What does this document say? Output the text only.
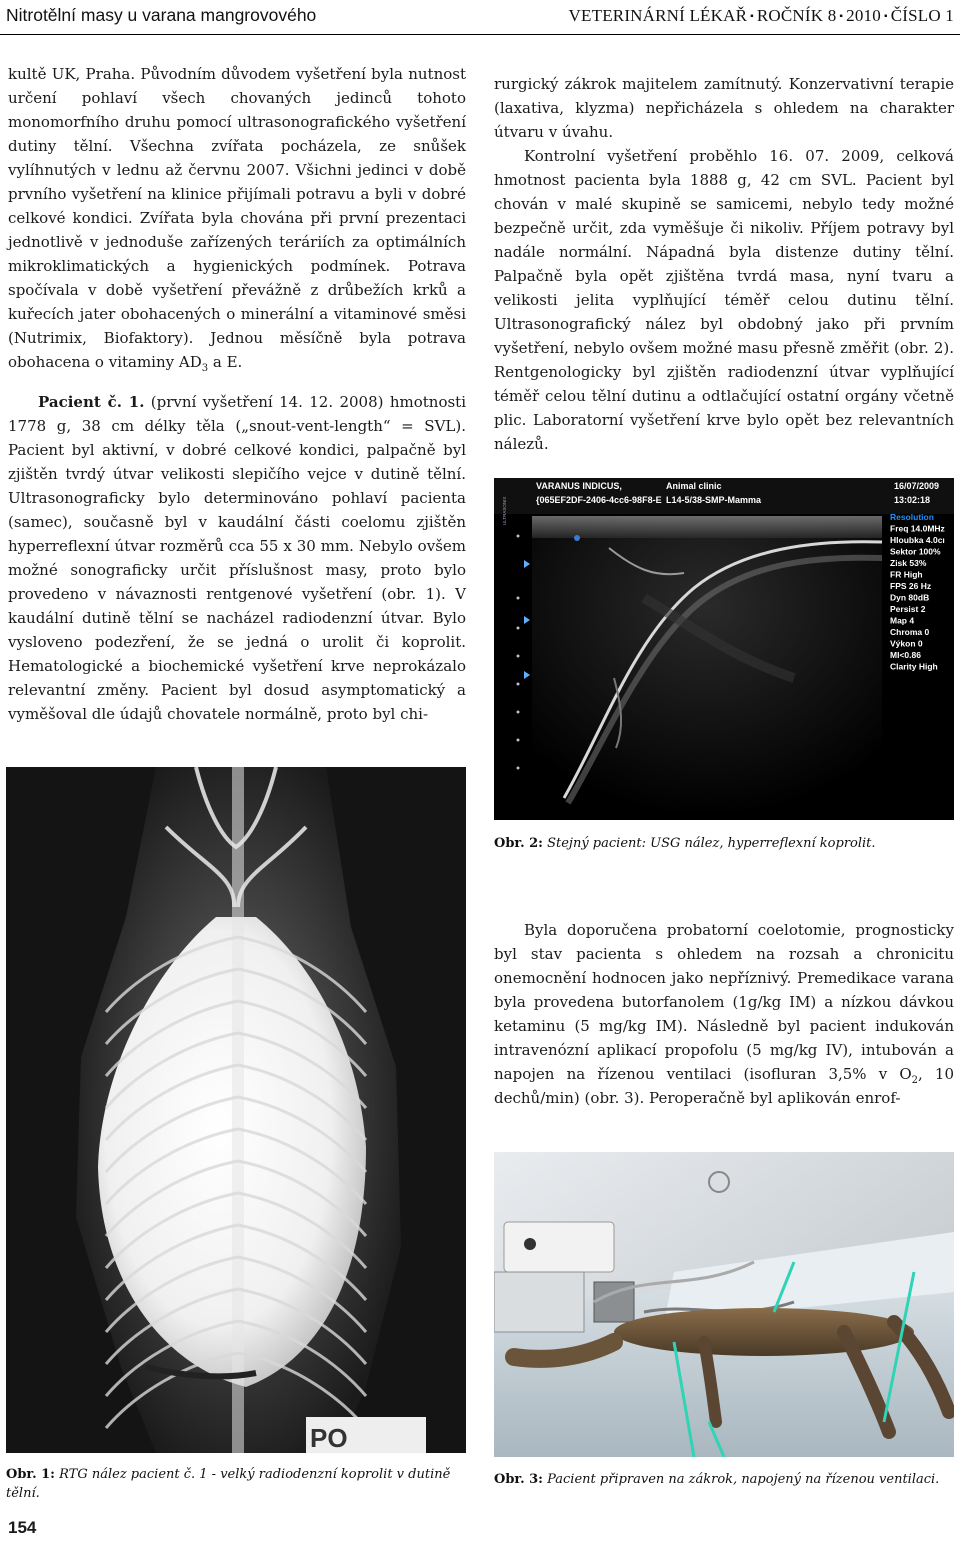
Nitrotělní masy u varana mangrovového	VETERINÁRNÍ LÉKAŘ ▪ ROČNÍK 8 ▪ 2010 ▪ ČÍSLO 1

kultě UK, Praha. Původním důvodem vyšetření byla nutnost určení pohlaví všech chovaných jedinců tohoto monomorfního druhu pomocí ultrasonografického vyšetření dutiny tělní. Všechna zvířata pocházela, ze snůšek vylíhnutých v lednu až červnu 2007. Všichni jedinci v době prvního vyšetření na klinice přijímali potravu a byli v dobré celkové kondici. Zvířata byla chována při první prezentaci jednotlivě v jednoduše zařízených teráriích za optimálních mikroklimatických a hygienických podmínek. Potrava spočívala v době vyšetření převážně z drůbežích krků a kuřecích jater obohacených o minerální a vitaminové směsi (Nutrimix, Biofaktory). Jednou měsíčně byla potrava obohacena o vitaminy $AD_3$ a E.

Pacient č. 1. (první vyšetření 14. 12. 2008) hmotnosti 1778 g, 38 cm délky těla („snout-vent-length“ = SVL). Pacient byl aktivní, v dobré celkové kondici, palpačně byl zjištěn tvrdý útvar velikosti slepičího vejce v dutině tělní. Ultrasonograficky bylo determinováno pohlaví pacienta (samec), současně byl v kaudální části coelomu zjištěn hyperreflexní útvar rozměrů cca 55 x 30 mm. Nebylo ovšem možné sonograficky určit příslušnost masy, proto bylo provedeno v návaznosti rentgenové vyšetření (obr. 1). V kaudální dutině tělní se nacházel radiodenzní útvar. Bylo vysloveno podezření, že se jedná o urolit či koprolit. Hematologické a biochemické vyšetření krve neprokázalo relevantní změny. Pacient byl dosud asymptomatický a vyměšoval dle údajů chovatele normálně, proto byl chi-

rurgický zákrok majitelem zamítnutý. Konzervativní terapie (laxativa, klyzma) nepřicházela s ohledem na charakter útvaru v úvahu.

Kontrolní vyšetření proběhlo 16. 07. 2009, celková hmotnost pacienta byla 1888 g, 42 cm SVL. Pacient byl chován v malé skupině se samicemi, nebylo tedy možné bezpečně určit, zda vyměšuje či nikoliv. Příjem potravy byl nadále normální. Nápadná byla distenze dutiny tělní. Palpačně byla opět zjištěna tvrdá masa, nyní tvaru a velikosti jelita vyplňující téměř celou dutinu tělní. Ultrasonografický nález byl obdobný jako při prvním vyšetření, nebylo ovšem možné masu přesně změřit (obr. 2). Rentgenologicky byl zjištěn radiodenzní útvar vyplňující téměř celou tělní dutinu a odtlačující ostatní orgány včetně plic. Laboratorní vyšetření krve bylo opět bez relevantních nálezů.

VARANUS INDICUS,	Animal clinic	16/07/2009
{065EF2DF-2406-4cc6-98F8-E L14-5/38-SMP-Mamma	13:02:18
ULTRASONIX	Resolution
Freq 14.0MHz
Hloubka 4.0cı
Sektor 100%
Zisk 53%
FR High
FPS 26 Hz
Dyn 80dB
Persist 2
Map 4
Chroma 0
Výkon 0
MI<0.86
Clarity High
Obr. 2: Stejný pacient: USG nález, hyperreflexní koprolit.

Byla doporučena probatorní coelotomie, prognosticky byl stav pacienta s ohledem na rozsah a chronicitu onemocnění hodnocen jako nepříznivý. Premedikace varana byla provedena butorfanolem (1g/kg IM) a nízkou dávkou ketaminu (5 mg/kg IM). Následně byl pacient indukován intravenózní aplikací propofolu (5 mg/kg IV), intubován a napojen na řízenou ventilaci (isofluran 3,5% v $O_2$, 10 dechů/min) (obr. 3). Peroperačně byl aplikován enrof-

PO
Obr. 1: RTG nález pacient č. 1 - velký radiodenzní koprolit v dutině tělní.
Obr. 3: Pacient připraven na zákrok, napojený na řízenou ventilaci.
154
